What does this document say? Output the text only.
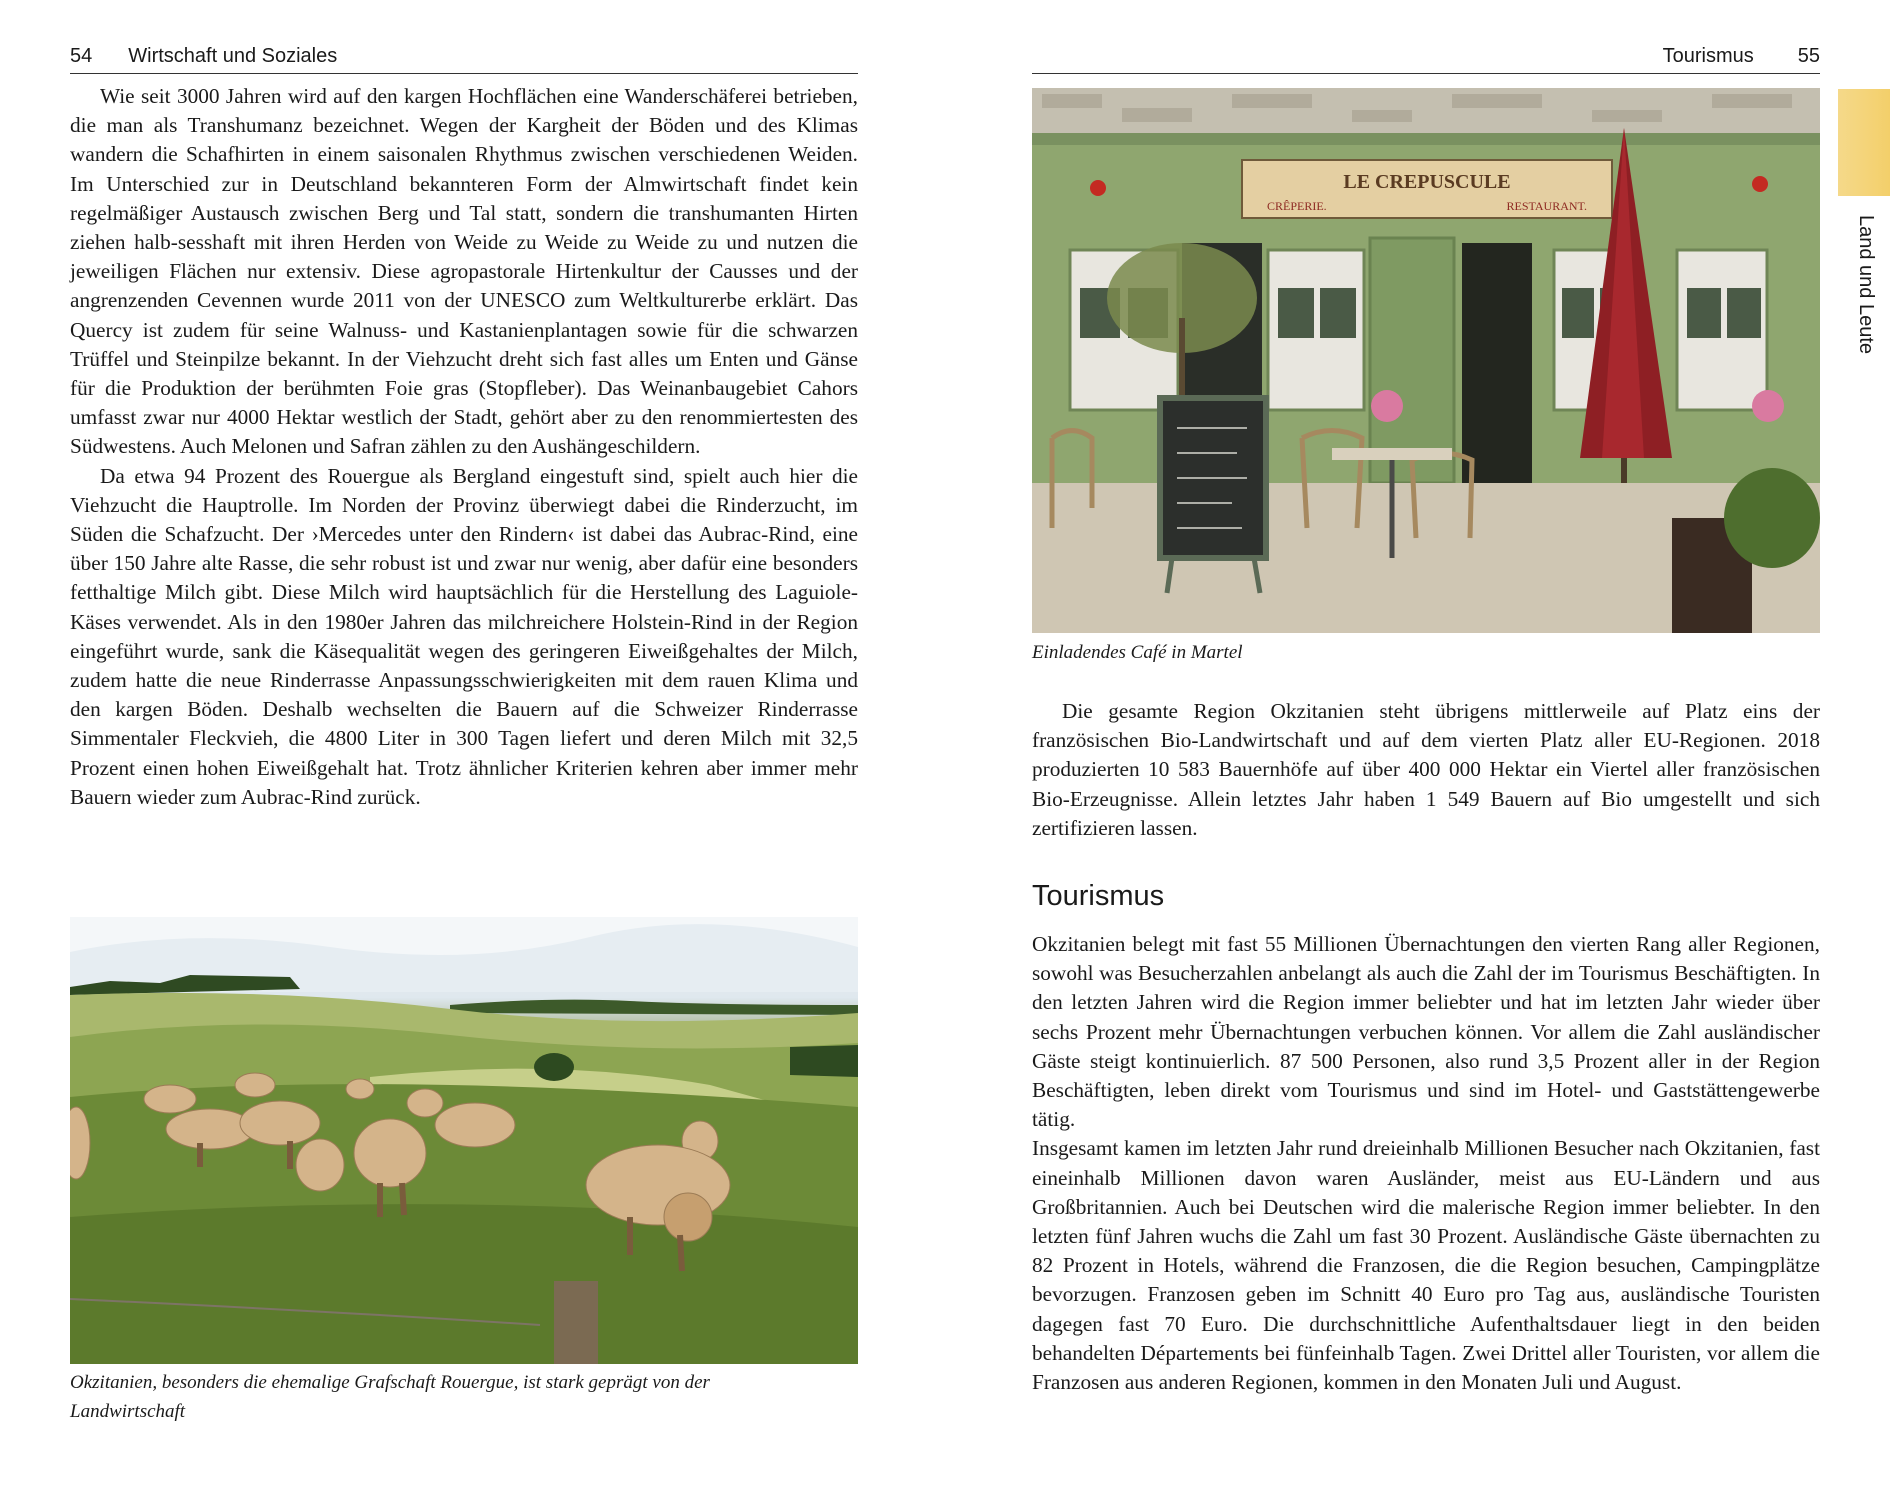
54 Wirtschaft und Soziales

Wie seit 3000 Jahren wird auf den kargen Hochflächen eine Wanderschäferei betrieben, die man als Transhumanz bezeichnet. Wegen der Kargheit der Böden und des Klimas wandern die Schafhirten in einem saisonalen Rhythmus zwischen verschiedenen Weiden. Im Unterschied zur in Deutschland bekannteren Form der Almwirtschaft findet kein regelmäßiger Austausch zwischen Berg und Tal statt, sondern die transhumanten Hirten ziehen halb-sesshaft mit ihren Herden von Weide zu Weide zu Weide zu und nutzen die jeweiligen Flächen nur extensiv. Diese agropastorale Hirtenkultur der Causses und der angrenzenden Cevennen wurde 2011 von der UNESCO zum Weltkulturerbe erklärt. Das Quercy ist zudem für seine Walnuss- und Kastanienplantagen sowie für die schwarzen Trüffel und Steinpilze bekannt. In der Viehzucht dreht sich fast alles um Enten und Gänse für die Produktion der berühmten Foie gras (Stopfleber). Das Weinanbaugebiet Cahors umfasst zwar nur 4000 Hektar westlich der Stadt, gehört aber zu den renommiertesten des Südwestens. Auch Melonen und Safran zählen zu den Aushängeschildern.

Da etwa 94 Prozent des Rouergue als Bergland eingestuft sind, spielt auch hier die Viehzucht die Hauptrolle. Im Norden der Provinz überwiegt dabei die Rinderzucht, im Süden die Schafzucht. Der ›Mercedes unter den Rindern‹ ist dabei das Aubrac-Rind, eine über 150 Jahre alte Rasse, die sehr robust ist und zwar nur wenig, aber dafür eine besonders fetthaltige Milch gibt. Diese Milch wird hauptsächlich für die Herstellung des Laguiole-Käses verwendet. Als in den 1980er Jahren das milchreichere Holstein-Rind in der Region eingeführt wurde, sank die Käsequalität wegen des geringeren Eiweißgehaltes der Milch, zudem hatte die neue Rinderrasse Anpassungsschwierigkeiten mit dem rauen Klima und den kargen Böden. Deshalb wechselten die Bauern auf die Schweizer Rinderrasse Simmentaler Fleckvieh, die 4800 Liter in 300 Tagen liefert und deren Milch mit 32,5 Prozent einen hohen Eiweißgehalt hat. Trotz ähnlicher Kriterien kehren aber immer mehr Bauern wieder zum Aubrac-Rind zurück.

Okzitanien, besonders die ehemalige Grafschaft Rouergue, ist stark geprägt von der Landwirtschaft
Tourismus 55
LE CREPUSCULE
CRÊPERIE.	RESTAURANT.
Einladendes Café in Martel

Die gesamte Region Okzitanien steht übrigens mittlerweile auf Platz eins der französischen Bio-Landwirtschaft und auf dem vierten Platz aller EU-Regionen. 2018 produzierten 10 583 Bauernhöfe auf über 400 000 Hektar ein Viertel aller französischen Bio-Erzeugnisse. Allein letztes Jahr haben 1 549 Bauern auf Bio umgestellt und sich zertifizieren lassen.

Tourismus

Okzitanien belegt mit fast 55 Millionen Übernachtungen den vierten Rang aller Regionen, sowohl was Besucherzahlen anbelangt als auch die Zahl der im Tourismus Beschäftigten. In den letzten Jahren wird die Region immer beliebter und hat im letzten Jahr wieder über sechs Prozent mehr Übernachtungen verbuchen können. Vor allem die Zahl ausländischer Gäste steigt kontinuierlich. 87 500 Personen, also rund 3,5 Prozent aller in der Region Beschäftigten, leben direkt vom Tourismus und sind im Hotel- und Gaststättengewerbe tätig.

Insgesamt kamen im letzten Jahr rund dreieinhalb Millionen Besucher nach Okzitanien, fast eineinhalb Millionen davon waren Ausländer, meist aus EU-Ländern und aus Großbritannien. Auch bei Deutschen wird die malerische Region immer beliebter. In den letzten fünf Jahren wuchs die Zahl um fast 30 Prozent. Ausländische Gäste übernachten zu 82 Prozent in Hotels, während die Franzosen, die die Region besuchen, Campingplätze bevorzugen. Franzosen geben im Schnitt 40 Euro pro Tag aus, ausländische Touristen dagegen fast 70 Euro. Die durchschnittliche Aufenthaltsdauer liegt in den beiden behandelten Départements bei fünfeinhalb Tagen. Zwei Drittel aller Touristen, vor allem die Franzosen aus anderen Regionen, kommen in den Monaten Juli und August.

Land und Leute
